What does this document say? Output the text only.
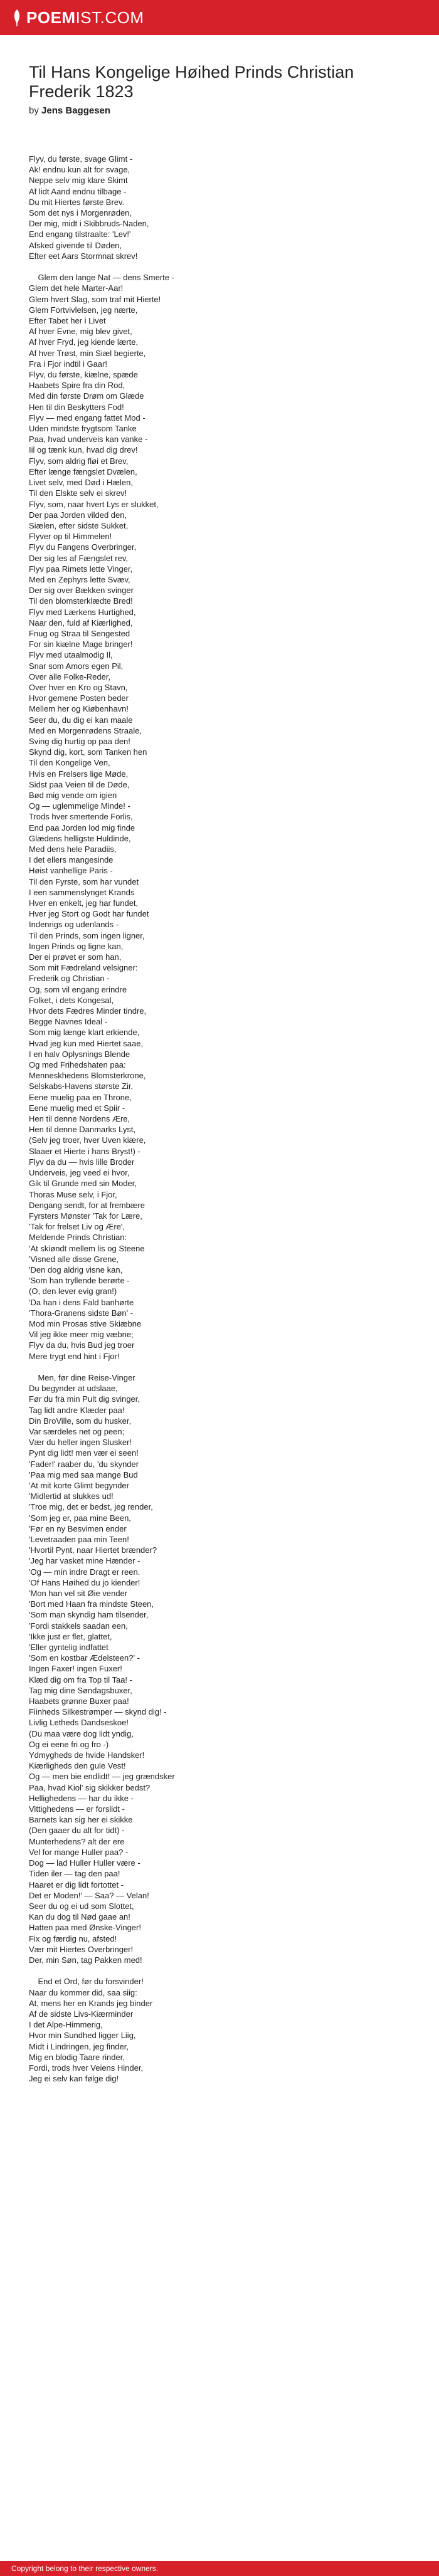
POEMIST.COM
Til Hans Kongelige Høihed Prinds Christian Frederik 1823
by Jens Baggesen
Flyv, du første, svage Glimt -
Ak! endnu kun alt for svage,
Neppe selv mig klare Skimt
Af lidt Aand endnu tilbage -
Du mit Hiertes første Brev.
Som det nys i Morgenrøden,
Der mig, midt i Skibbruds-Naden,
End engang tilstraalte: 'Lev!'
Afsked givende til Døden,
Efter eet Aars Stormnat skrev!

Glem den lange Nat — dens Smerte -
Glem det hele Marter-Aar!
Glem hvert Slag, som traf mit Hierte!
Glem Fortvivlelsen, jeg nærte,
Efter Tabet her i Livet
Af hver Evne, mig blev givet,
Af hver Fryd, jeg kiende lærte,
Af hver Trøst, min Siæl begierte,
Fra i Fjor indtil i Gaar!
Flyv, du første, kiælne, spæde
Haabets Spire fra din Rod,
Med din første Drøm om Glæde
Hen til din Beskytters Fod!
Flyv — med engang fattet Mod -
Uden mindste frygtsom Tanke
Paa, hvad underveis kan vanke -
Iil og tænk kun, hvad dig drev!
Flyv, som aldrig fløi et Brev,
Efter længe fængslet Dvælen,
Livet selv, med Død i Hælen,
Til den Elskte selv ei skrev!
Flyv, som, naar hvert Lys er slukket,
Der paa Jorden vilded den,
Siælen, efter sidste Sukket,
Flyver op til Himmelen!
Flyv du Fangens Overbringer,
Der sig les af Fængslet rev,
Flyv paa Rimets lette Vinger,
Med en Zephyrs lette Svæv,
Der sig over Bækken svinger
Til den blomsterklædte Bred!
Flyv med Lærkens Hurtighed,
Naar den, fuld af Kiærlighed,
Fnug og Straa til Sengested
For sin kiælne Mage bringer!
Flyv med utaalmodig Il,
Snar som Amors egen Pil,
Over alle Folke-Reder,
Over hver en Kro og Stavn,
Hvor gemene Posten beder
Mellem her og Kiøbenhavn!
Seer du, du dig ei kan maale
Med en Morgenrødens Straale,
Sving dig hurtig op paa den!
Skynd dig, kort, som Tanken hen
Til den Kongelige Ven,
Hvis en Frelsers lige Møde,
Sidst paa Veien til de Døde,
Bød mig vende om igien
Og — uglemmelige Minde! -
Trods hver smertende Forlis,
End paa Jorden lod mig finde
Glædens helligste Huldinde,
Med dens hele Paradiis,
I det ellers mangesinde
Høist vanhellige Paris -
Til den Fyrste, som har vundet
I een sammenslynget Krands
Hver en enkelt, jeg har fundet,
Hver jeg Stort og Godt har fundet
Indenrigs og udenlands -
Til den Prinds, som ingen ligner,
Ingen Prinds og ligne kan,
Der ei prøvet er som han,
Som mit Fædreland velsigner:
Frederik og Christian -
Og, som vil engang erindre
Folket, i dets Kongesal,
Hvor dets Fædres Minder tindre,
Begge Navnes Ideal -
Som mig længe klart erkiende,
Hvad jeg kun med Hiertet saae,
I en halv Oplysnings Blende
Og med Frihedshaten paa:
Menneskhedens Blomsterkrone,
Selskabs-Havens største Zir,
Eene muelig paa en Throne,
Eene muelig med et Spiir -
Hen til denne Nordens Ære,
Hen til denne Danmarks Lyst,
(Selv jeg troer, hver Uven kiære,
Slaaer et Hierte i hans Bryst!) -
Flyv da du — hvis lille Broder
Underveis, jeg veed ei hvor,
Gik til Grunde med sin Moder,
Thoras Muse selv, i Fjor,
Dengang sendt, for at frembære
Fyrsters Mønster 'Tak for Lære,
'Tak for frelset Liv og Ære',
Meldende Prinds Christian:
'At skiøndt mellem lis og Steene
'Visned alle disse Grene,
'Den dog aldrig visne kan,
'Som han tryllende berørte -
(O, den lever evig gran!)
'Da han i dens Fald banhørte
'Thora-Granens sidste Bøn' -
Mod min Prosas stive Skiæbne
Vil jeg ikke meer mig væbne;
Flyv da du, hvis Bud jeg troer
Mere trygt end hint i Fjor!

Men, før dine Reise-Vinger
Du begynder at udslaae,
Før du fra min Pult dig svinger,
Tag lidt andre Klæder paa!
Din BroVille, som du husker,
Var særdeles net og peen;
Vær du heller ingen Slusker!
Pynt dig lidt! men vær ei seen!
'Fader!' raaber du, 'du skynder
'Paa mig med saa mange Bud
'At mit korte Glimt begynder
'Midlertid at slukkes ud!
'Troe mig, det er bedst, jeg render,
'Som jeg er, paa mine Been,
'Før en ny Besvimen ender
'Levetraaden paa min Teen!
'Hvortil Pynt, naar Hiertet brænder?
'Jeg har vasket mine Hænder -
'Og — min indre Dragt er reen.
'Of Hans Høihed du jo kiender!
'Mon han vel sit Øie vender
'Bort med Haan fra mindste Steen,
'Som man skyndig ham tilsender,
'Fordi stakkels saadan een,
'Ikke just er flet, glattet,
'Eller gyntelig indfattet
'Som en kostbar Ædelsteen?' -
Ingen Faxer! ingen Fuxer!
Klæd dig om fra Top til Taa! -
Tag mig dine Søndagsbuxer,
Haabets grønne Buxer paa!
Fiinheds Silkestrømper — skynd dig! -
Livlig Letheds Dandseskoe!
(Du maa være dog lidt yndig,
Og ei eene fri og fro -)
Ydmygheds de hvide Handsker!
Kiærligheds den gule Vest!
Og — men bie endlidt! — jeg grændsker
Paa, hvad Kiol' sig skikker bedst?
Hellighedens — har du ikke -
Vittighedens — er forslidt -
Barnets kan sig her ei skikke
(Den gaaer du alt for tidt) -
Munterhedens? alt der ere
Vel for mange Huller paa? -
Dog — lad Huller Huller være -
Tiden iler — tag den paa!
Haaret er dig lidt fortottet -
Det er Moden!' — Saa? — Velan!
Seer du og ei ud som Slottet,
Kan du dog til Nød gaae an!
Hatten paa med Ønske-Vinger!
Fix og færdig nu, afsted!
Vær mit Hiertes Overbringer!
Der, min Søn, tag Pakken med!

End et Ord, før du forsvinder!
Naar du kommer did, saa siig:
At, mens her en Krands jeg binder
Af de sidste Livs-Kiærminder
I det Alpe-Himmerig,
Hvor min Sundhed ligger Liig,
Midt i Lindringen, jeg finder,
Mig en blodig Taare rinder,
Fordi, trods hver Veiens Hinder,
Jeg ei selv kan følge dig!
Copyright belong to their respective owners.
